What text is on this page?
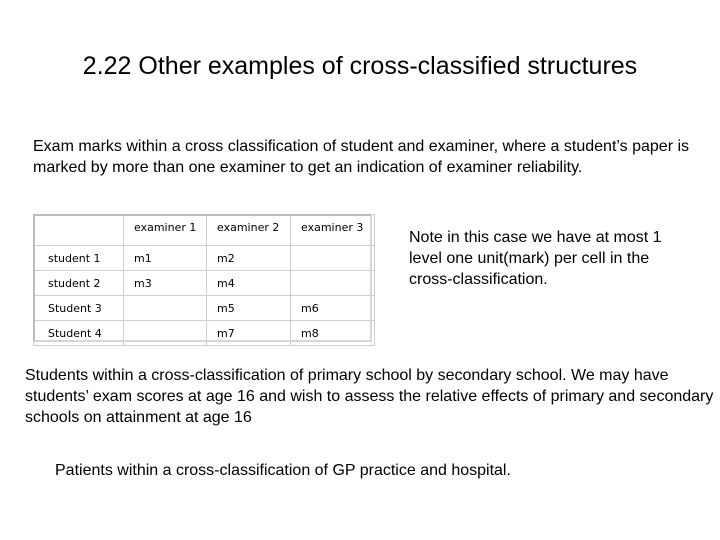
2.22 Other examples of cross-classified structures
Exam marks within a cross classification of student and examiner, where a student’s paper is marked by more than one examiner to get an indication of examiner reliability.
	examiner 1	examiner 2	examiner 3
student 1	m1	m2	
student 2	m3	m4	
Student 3		m5	m6
Student 4		m7	m8
Note in this case we have at most 1 level one unit(mark) per cell in the cross-classification.
Students within a cross-classification of primary school by secondary school. We may have students’ exam scores at age 16 and wish to assess the relative effects of primary and secondary schools on attainment at age 16
Patients within a cross-classification of GP practice and hospital.
